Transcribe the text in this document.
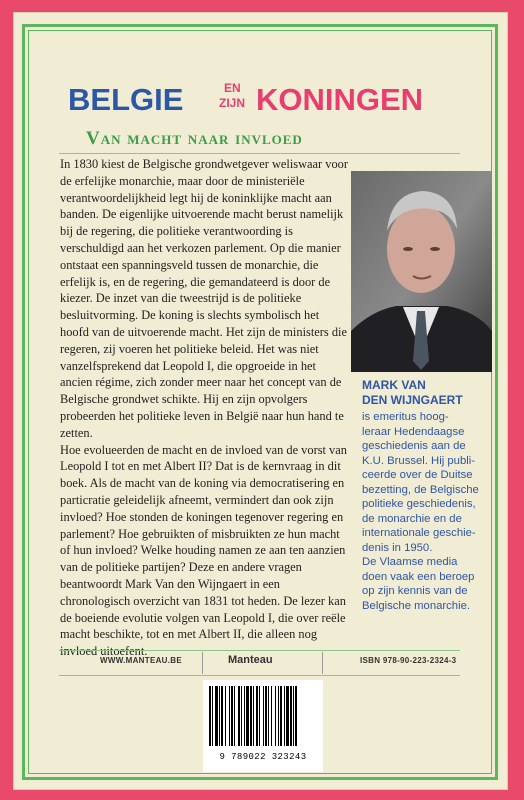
BELGIE	EN
ZIJN KONINGEN
Van macht naar invloed

In 1830 kiest de Belgische grondwetgever weliswaar voor de erfelijke monarchie, maar door de ministeriële verantwoordelijkheid legt hij de koninklijke macht aan banden. De eigenlijke uitvoerende macht berust namelijk bij de regering, die politieke verantwoording is verschuldigd aan het verkozen parlement. Op die manier ontstaat een spanningsveld tussen de monarchie, die erfelijk is, en de regering, die gemandateerd is door de kiezer. De inzet van die tweestrijd is de politieke besluitvorming. De koning is slechts symbolisch het hoofd van de uitvoerende macht. Het zijn de ministers die regeren, zij voeren het politieke beleid. Het was niet vanzelfsprekend dat Leopold I, die opgroeide in het ancien régime, zich zonder meer naar het concept van de Belgische grondwet schikte. Hij en zijn opvolgers probeerden het politieke leven in België naar hun hand te zetten.

Hoe evolueerden de macht en de invloed van de vorst van Leopold I tot en met Albert II? Dat is de kernvraag in dit boek. Als de macht van de koning via democratisering en particratie geleidelijk afneemt, vermindert dan ook zijn invloed? Hoe stonden de koningen tegenover regering en parlement? Hoe gebruikten of misbruikten ze hun macht of hun invloed? Welke houding namen ze aan ten aanzien van de politieke partijen? Deze en andere vragen beantwoordt Mark Van den Wijngaert in een chronologisch overzicht van 1831 tot heden. De lezer kan de boeiende evolutie volgen van Leopold I, die over reële macht beschikte, tot en met Albert II, die alleen nog invloed uitoefent.

MARK VAN
DEN WIJNGAERT
is emeritus hoog-
leraar Hedendaagse
geschiedenis aan de
K.U. Brussel. Hij publi-
ceerde over de Duitse
bezetting, de Belgische
politieke geschiedenis,
de monarchie en de
internationale geschie-
denis in 1950.
De Vlaamse media
doen vaak een beroep
op zijn kennis van de
Belgische monarchie.
WWW.MANTEAU.BE	Manteau	ISBN 978-90-223-2324-3
9 789022 323243
